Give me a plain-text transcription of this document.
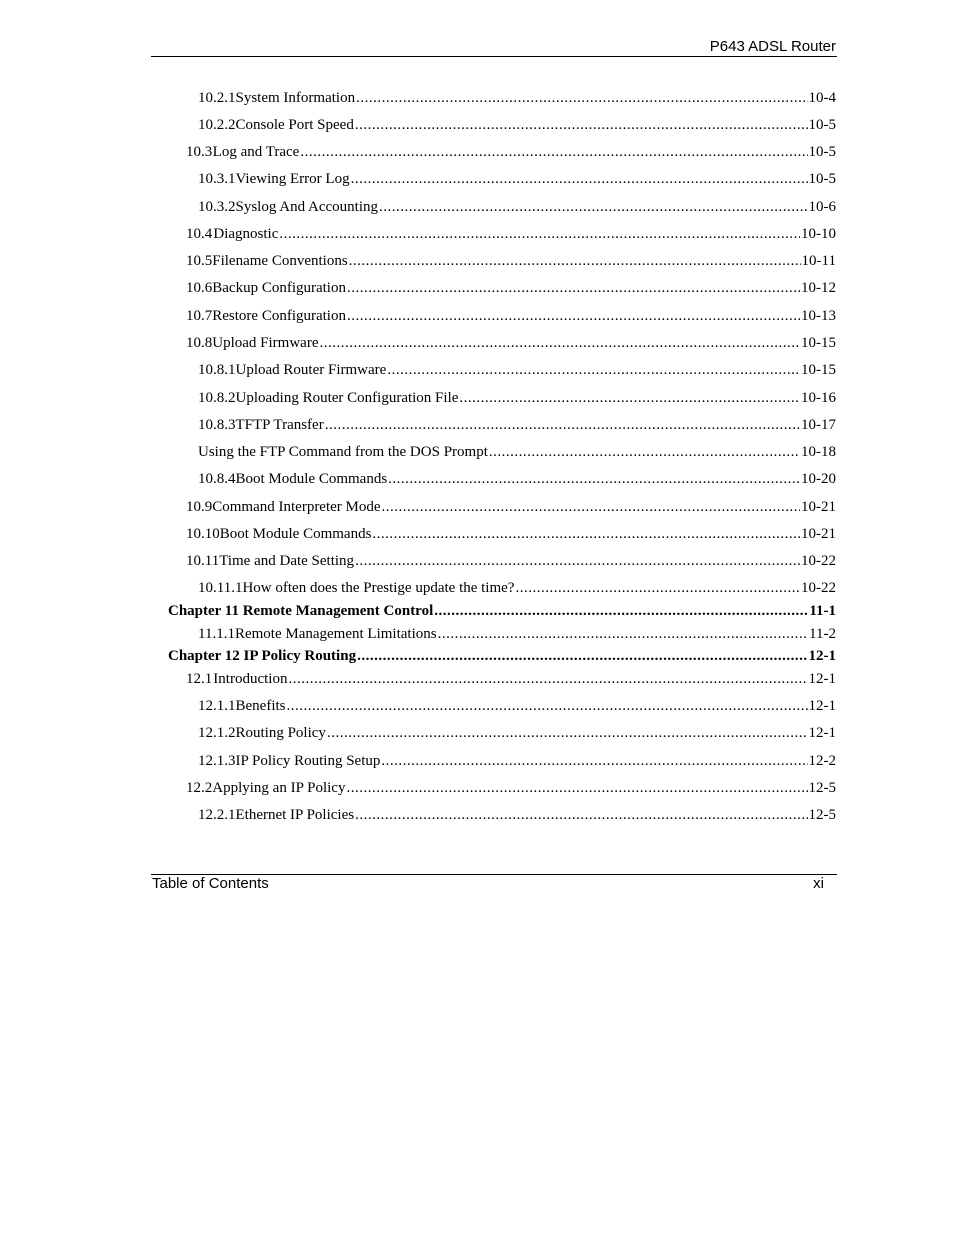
P643 ADSL Router
10.2.1 System Information .....	10-4
10.2.2 Console Port Speed .....	10-5
10.3 Log and Trace .....	10-5
10.3.1 Viewing Error Log .....	10-5
10.3.2 Syslog And Accounting .....	10-6
10.4 Diagnostic .....	10-10
10.5 Filename Conventions .....	10-11
10.6 Backup Configuration .....	10-12
10.7 Restore Configuration .....	10-13
10.8 Upload Firmware .....	10-15
10.8.1 Upload Router Firmware .....	10-15
10.8.2 Uploading Router Configuration File .....	10-16
10.8.3 TFTP Transfer .....	10-17
Using the FTP Command from the DOS Prompt .....	10-18
10.8.4 Boot Module Commands .....	10-20
10.9 Command Interpreter Mode .....	10-21
10.10 Boot Module Commands .....	10-21
10.11 Time and Date Setting .....	10-22
10.11.1 How often does the Prestige update the time? .....	10-22
Chapter 11 Remote Management Control .....	11-1
11.1.1 Remote Management Limitations .....	11-2
Chapter 12 IP Policy Routing .....	12-1
12.1 Introduction .....	12-1
12.1.1 Benefits .....	12-1
12.1.2 Routing Policy .....	12-1
12.1.3 IP Policy Routing Setup .....	12-2
12.2 Applying an IP Policy .....	12-5
12.2.1 Ethernet IP Policies .....	12-5
Table of Contents	xi
